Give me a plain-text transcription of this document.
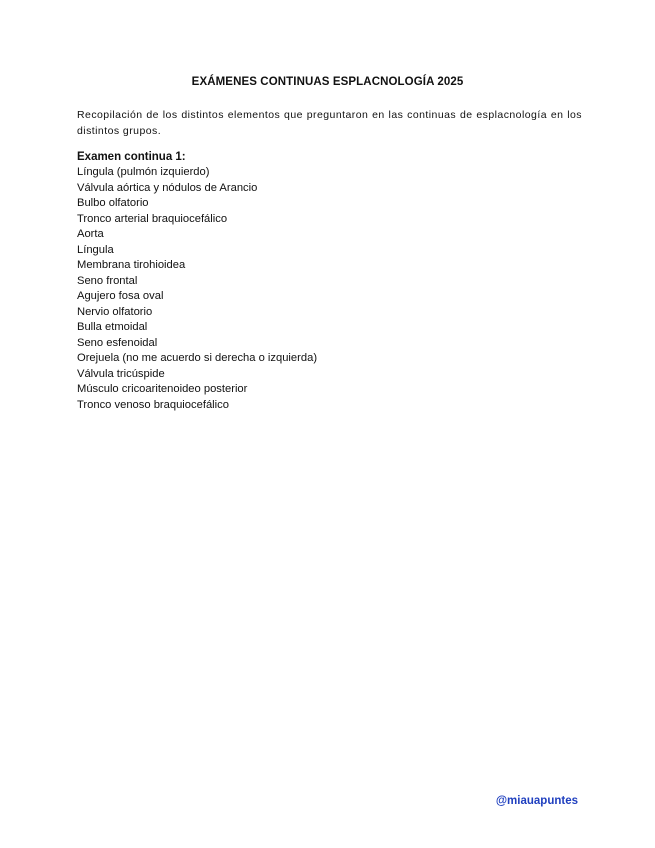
EXÁMENES CONTINUAS ESPLACNOLOGÍA 2025
Recopilación de los distintos elementos que preguntaron en las continuas de esplacnología en los distintos grupos.
Examen continua 1:
Língula (pulmón izquierdo)
Válvula aórtica y nódulos de Arancio
Bulbo olfatorio
Tronco arterial braquiocefálico
Aorta
Língula
Membrana tirohioidea
Seno frontal
Agujero fosa oval
Nervio olfatorio
Bulla etmoidal
Seno esfenoidal
Orejuela (no me acuerdo si derecha o izquierda)
Válvula tricúspide
Músculo cricoaritenoideo posterior
Tronco venoso braquiocefálico
@miauapuntes
